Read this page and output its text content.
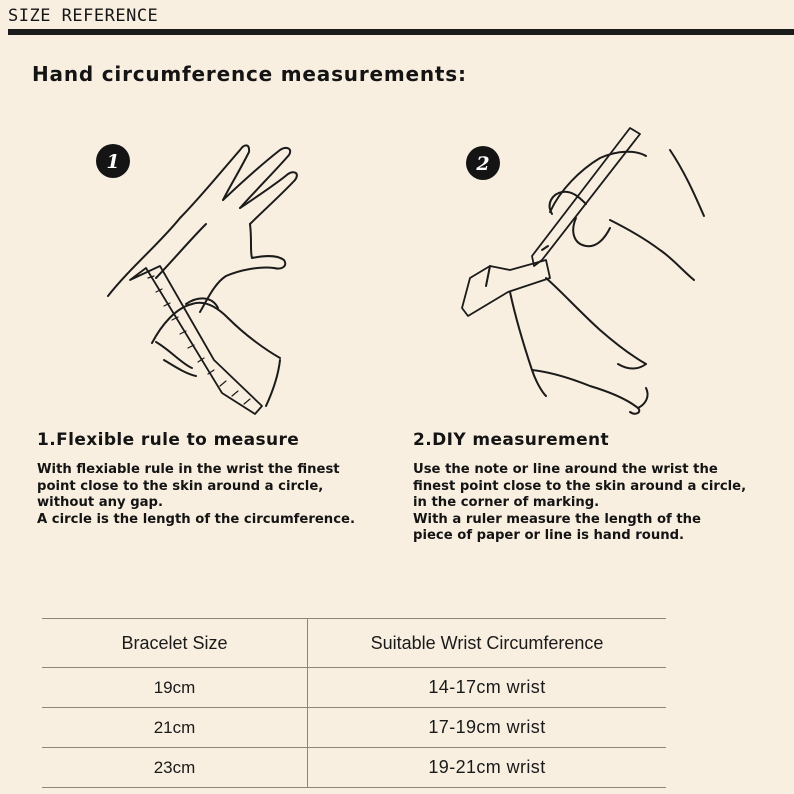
SIZE REFERENCE
Hand circumference measurements:
1	2
1.Flexible rule to measure
With flexiable rule in the wrist the finest
point close to the skin around a circle,
without any gap.
A circle is the length of the circumference.
2.DIY measurement
Use the note or line around the wrist the
finest point close to the skin around a circle,
in the corner of marking.
With a ruler measure the length of the
piece of paper or line is hand round.
Bracelet Size	Suitable Wrist Circumference
19cm	14-17cm wrist
21cm	17-19cm wrist
23cm	19-21cm wrist
